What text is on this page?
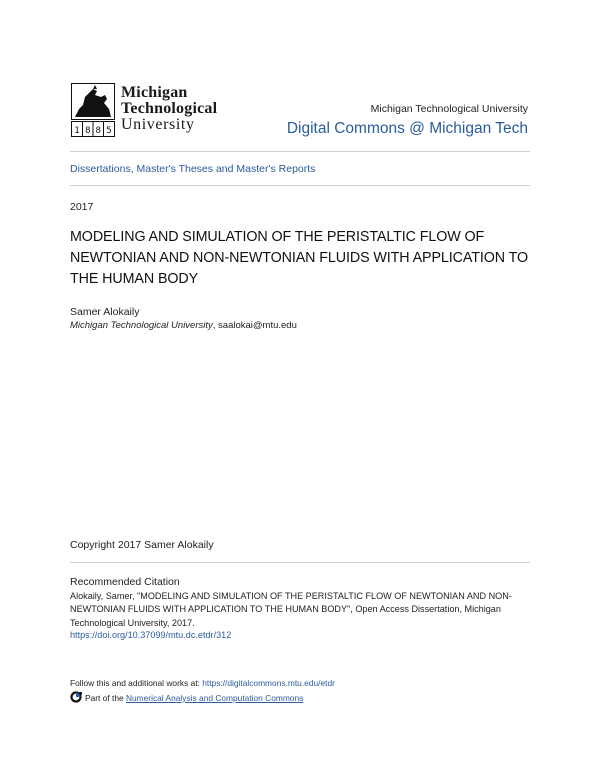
1 8 8 5
Michigan
Technological
University
Michigan Technological University
Digital Commons @ Michigan Tech
Dissertations, Master's Theses and Master's Reports
2017
MODELING AND SIMULATION OF THE PERISTALTIC FLOW OF NEWTONIAN AND NON-NEWTONIAN FLUIDS WITH APPLICATION TO THE HUMAN BODY
Samer Alokaily
Michigan Technological University, saalokai@mtu.edu
Copyright 2017 Samer Alokaily
Recommended Citation
Alokaily, Samer, "MODELING AND SIMULATION OF THE PERISTALTIC FLOW OF NEWTONIAN AND NON-NEWTONIAN FLUIDS WITH APPLICATION TO THE HUMAN BODY", Open Access Dissertation, Michigan Technological University, 2017.
https://doi.org/10.37099/mtu.dc.etdr/312
Follow this and additional works at: https://digitalcommons.mtu.edu/etdr
Part of the Numerical Analysis and Computation Commons
